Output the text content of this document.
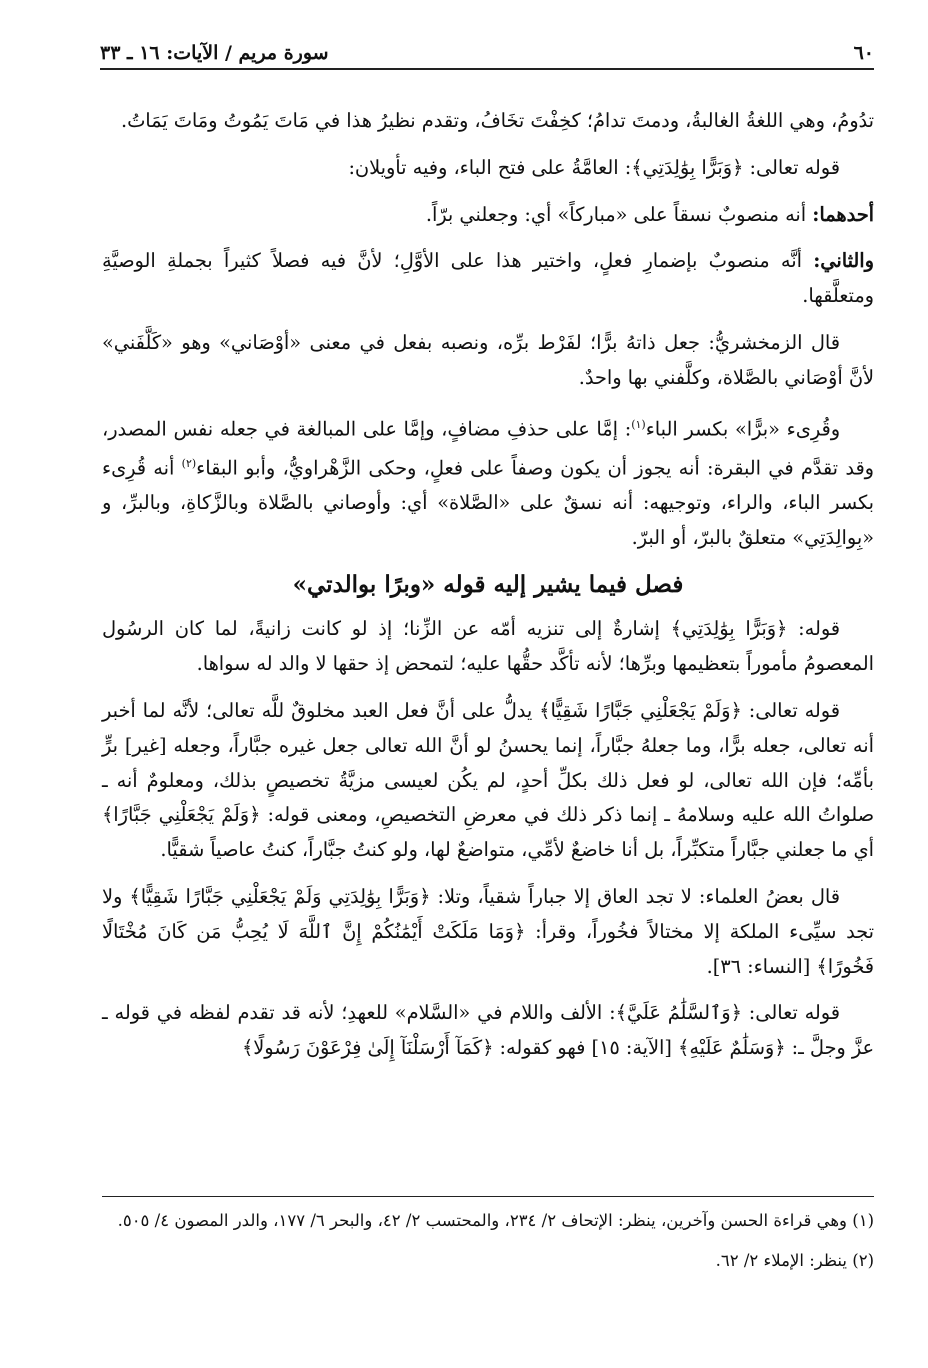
٦٠
سورة مريم / الآيات: ١٦ ـ ٣٣

تدُومُ، وهي اللغةُ الغالبةُ، ودمتَ تدامُ؛ كخِفْتَ تخَافُ، وتقدم نظيرُ هذا في مَاتَ يَمُوتُ ومَاتَ يَمَاتُ.

قوله تعالى: ﴿وَبَرًّا بِوَٰلِدَتِي﴾: العامَّةُ على فتح الباء، وفيه تأويلان:

أحدهما: أنه منصوبٌ نسقاً على «مباركاً» أي: وجعلني برّاً.

والثاني: أنَّه منصوبٌ بإضمارِ فعلٍ، واختير هذا على الأوَّلِ؛ لأنَّ فيه فصلاً كثيراً بجملةِ الوصيَّةِ ومتعلَّقها.

قال الزمخشريُّ: جعل ذاتهُ برًّا؛ لفَرْط برِّه، ونصبه بفعل في معنى «أوْصَاني» وهو «كَلَّفَني» لأنَّ أوْصَاني بالصَّلاة، وكلَّفني بها واحدٌ.

وقُرِىء «برًّا» بكسر الباء$^{(١)}$: إمَّا على حذفِ مضافٍ، وإمَّا على المبالغة في جعله نفس المصدر، وقد تقدَّم في البقرة: أنه يجوز أن يكون وصفاً على فعلٍ، وحكى الزَّهْراويُّ، وأبو البقاء$^{(٢)}$ أنه قُرِىء بكسر الباء، والراء، وتوجيهه: أنه نسقٌ على «الصَّلاة» أي: وأوصاني بالصَّلاة وبالزَّكاةِ، وبالبرِّ، و «بِوالِدَتِي» متعلقٌ بالبرّ، أو البرّ.

فصل فيما يشير إليه قوله «وبرًا بوالدتي»

قوله: ﴿وَبَرًّا بِوَٰلِدَتِي﴾ إشارةٌ إلى تنزيه أمّه عن الزِّنا؛ إذ لو كانت زانيةً، لما كان الرسُول المعصومُ مأموراً بتعظيمها وبرِّها؛ لأنه تأكَّد حقُّها عليه؛ لتمحض إذ حقها لا والد له سواها.

قوله تعالى: ﴿وَلَمْ يَجْعَلْنِي جَبَّارًا شَقِيًّا﴾ يدلُّ على أنَّ فعل العبد مخلوقٌ للَّه تعالى؛ لأنَّه لما أخبر أنه تعالى، جعله برًّا، وما جعلهُ جبَّاراً، إنما يحسنُ لو أنَّ الله تعالى جعل غيره جبَّاراً، وجعله [غير] برٍّ بأمِّه؛ فإن الله تعالى، لو فعل ذلك بكلِّ أحدٍ، لم يكُن لعيسى مزيَّةُ تخصيصٍ بذلك، ومعلومٌ أنه ـ صلواتُ الله عليه وسلامهُ ـ إنما ذكر ذلك في معرضِ التخصيصِ، ومعنى قوله: ﴿وَلَمْ يَجْعَلْنِي جَبَّارًا﴾ أي ما جعلني جبَّاراً متكبِّراً، بل أنا خاضعٌ لأمِّي، متواضعٌ لها، ولو كنتُ جبَّاراً، كنتُ عاصياً شقيًّا.

قال بعضُ العلماء: لا تجد العاق إلا جباراً شقياً، وتلا: ﴿وَبَرًّا بِوَٰلِدَتِي وَلَمْ يَجْعَلْنِي جَبَّارًا شَقِيًّا﴾ ولا تجد سيِّىء الملكة إلا مختالاً فخُوراً، وقرأ: ﴿وَمَا مَلَكَتْ أَيْمَٰنُكُمْ إِنَّ ٱللَّهَ لَا يُحِبُّ مَن كَانَ مُخْتَالًا فَخُورًا﴾ [النساء: ٣٦].

قوله تعالى: ﴿وَٱلسَّلَٰمُ عَلَيَّ﴾: الألف واللام في «السَّلام» للعهدِ؛ لأنه قد تقدم لفظه في قوله ـ عزَّ وجلَّ ـ: ﴿وَسَلَٰمٌ عَلَيْهِ﴾ [الآية: ١٥] فهو كقوله: ﴿كَمَآ أَرْسَلْنَآ إِلَىٰ فِرْعَوْنَ رَسُولًا﴾

(١) وهي قراءة الحسن وآخرين، ينظر: الإتحاف ٢/ ٢٣٤، والمحتسب ٢/ ٤٢، والبحر ٦/ ١٧٧، والدر المصون ٤/ ٥٠٥.

(٢) ينظر: الإملاء ٢/ ٦٢.
